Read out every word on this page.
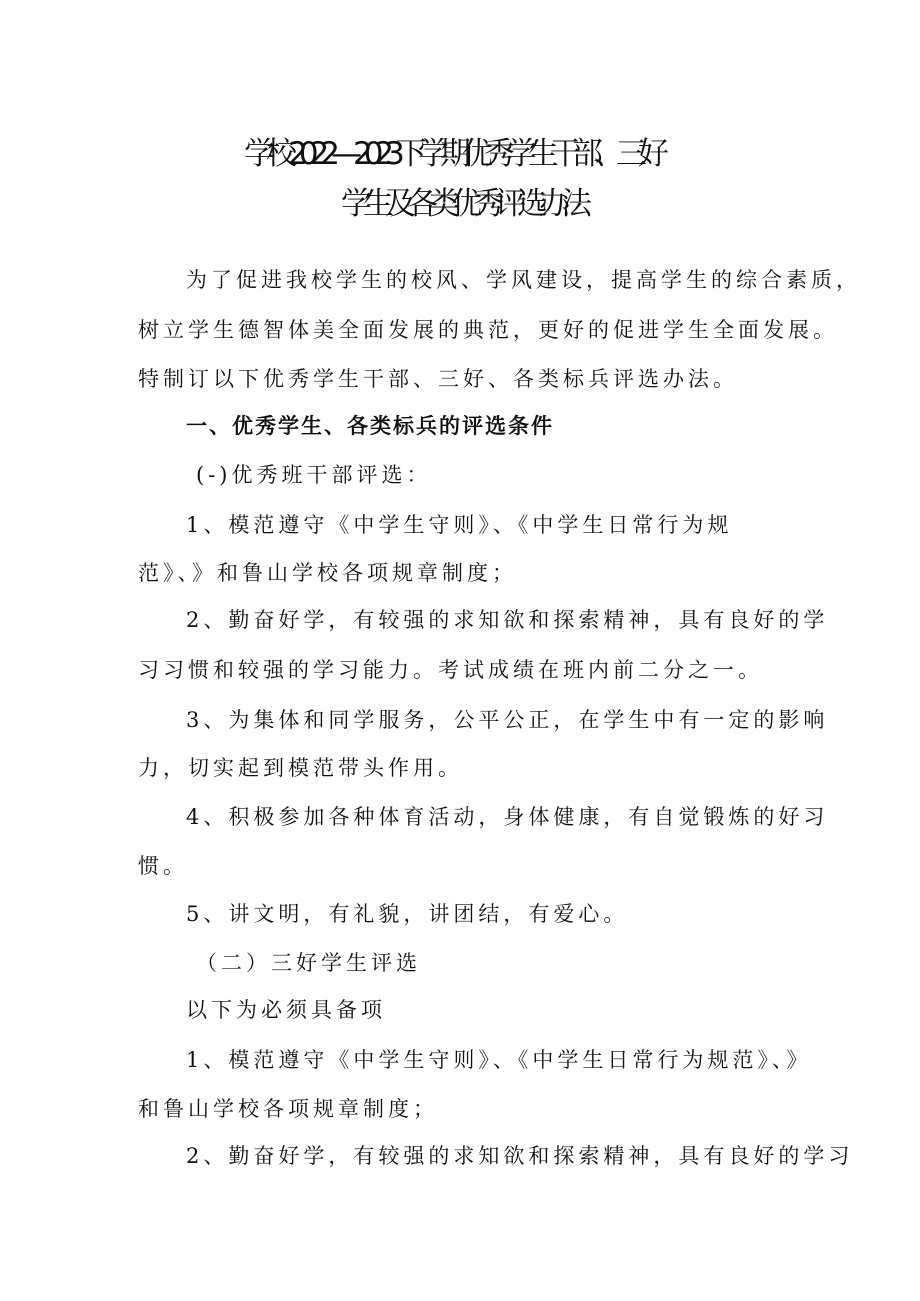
学校2022—2023下学期优秀学生干部、三好
学生及各类优秀评选办法
为了促进我校学生的校风、学风建设，提高学生的综合素质，
树立学生德智体美全面发展的典范，更好的促进学生全面发展。
特制订以下优秀学生干部、三好、各类标兵评选办法。
一、优秀学生、各类标兵的评选条件
(-)优秀班干部评选：
1、模范遵守《中学生守则》、《中学生日常行为规
范》、》和鲁山学校各项规章制度；
2、勤奋好学，有较强的求知欲和探索精神，具有良好的学
习习惯和较强的学习能力。考试成绩在班内前二分之一。
3、为集体和同学服务，公平公正，在学生中有一定的影响
力，切实起到模范带头作用。
4、积极参加各种体育活动，身体健康，有自觉锻炼的好习
惯。
5、讲文明，有礼貌，讲团结，有爱心。
（二）三好学生评选
以下为必须具备项
1、模范遵守《中学生守则》、《中学生日常行为规范》、》
和鲁山学校各项规章制度；
2、勤奋好学，有较强的求知欲和探索精神，具有良好的学习
